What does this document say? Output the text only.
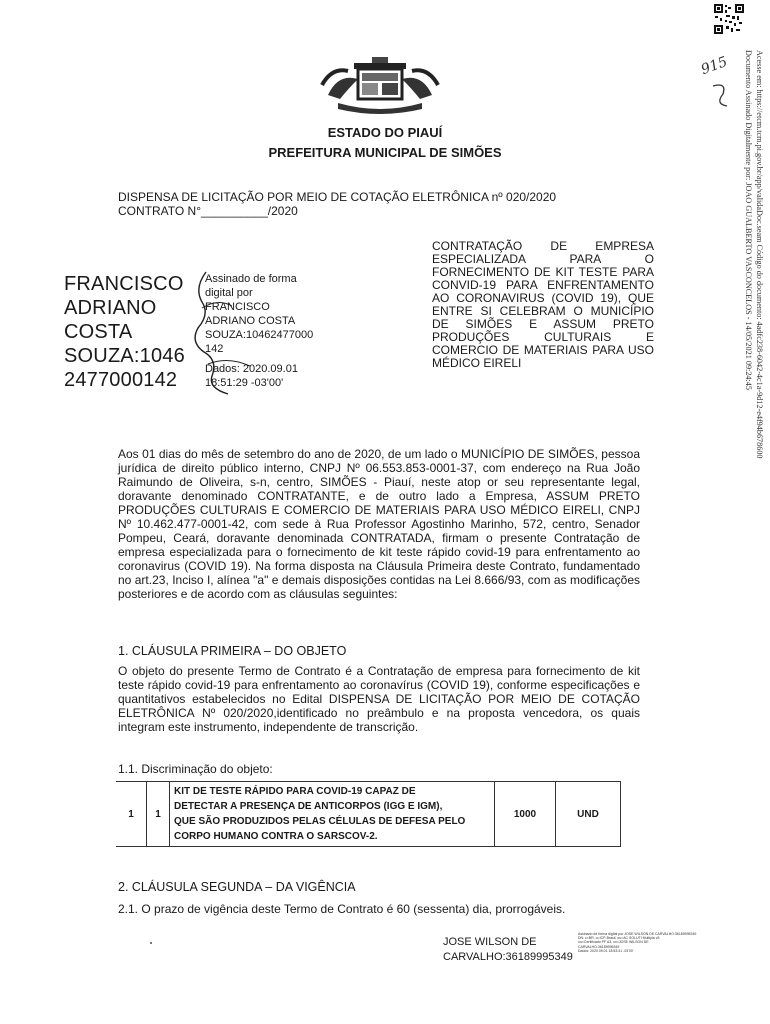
ESTADO DO PIAUÍ
PREFEITURA MUNICIPAL DE SIMÕES
DISPENSA DE LICITAÇÃO POR MEIO DE COTAÇÃO ELETRÔNICA nº 020/2020
CONTRATO N°__________/2020
FRANCISCO
ADRIANO
COSTA
SOUZA:1046
2477000142
Assinado de forma
digital por
FRANCISCO
ADRIANO COSTA
SOUZA:10462477000
142
Dados: 2020.09.01
18:51:29 -03'00'
CONTRATAÇÃO DE EMPRESA ESPECIALIZADA PARA O FORNECIMENTO DE KIT TESTE PARA CONVID-19 PARA ENFRENTAMENTO AO CORONAVIRUS (COVID 19), QUE ENTRE SI CELEBRAM O MUNICÍPIO DE SIMÕES E ASSUM PRETO PRODUÇÕES CULTURAIS E COMERCIO DE MATERIAIS PARA USO MÉDICO EIRELI
Aos 01 dias do mês de setembro do ano de 2020, de um lado o MUNICÍPIO DE SIMÕES, pessoa jurídica de direito público interno, CNPJ Nº 06.553.853-0001-37, com endereço na Rua João Raimundo de Oliveira, s-n, centro, SIMÕES - Piauí, neste atop or seu representante legal, doravante denominado CONTRATANTE, e de outro lado a Empresa, ASSUM PRETO PRODUÇÕES CULTURAIS E COMERCIO DE MATERIAIS PARA USO MÉDICO EIRELI, CNPJ Nº 10.462.477-0001-42, com sede à Rua Professor Agostinho Marinho, 572, centro, Senador Pompeu, Ceará, doravante denominada CONTRATADA, firmam o presente Contratação de empresa especializada para o fornecimento de kit teste rápido covid-19 para enfrentamento ao coronavirus (COVID 19). Na forma disposta na Cláusula Primeira deste Contrato, fundamentado no art.23, Inciso I, alínea "a" e demais disposições contidas na Lei 8.666/93, com as modificações posteriores e de acordo com as cláusulas seguintes:
1. CLÁUSULA PRIMEIRA – DO OBJETO
O objeto do presente Termo de Contrato é a Contratação de empresa para fornecimento de kit teste rápido covid-19 para enfrentamento ao coronavírus (COVID 19), conforme especificações e quantitativos estabelecidos no Edital DISPENSA DE LICITAÇÃO POR MEIO DE COTAÇÃO ELETRÔNICA Nº 020/2020,identificado no preâmbulo e na proposta vencedora, os quais integram este instrumento, independente de transcrição.
1.1. Discriminação do objeto:
1	1	
KIT DE TESTE RÁPIDO PARA COVID-19 CAPAZ DE
DETECTAR A PRESENÇA DE ANTICORPOS (IGG E IGM),
QUE SÃO PRODUZIDOS PELAS CÉLULAS DE DEFESA PELO
CORPO HUMANO CONTRA O SARSCOV-2.
	1000	UND
2. CLÁUSULA SEGUNDA – DA VIGÊNCIA
2.1. O prazo de vigência deste Termo de Contrato é 60 (sessenta) dia, prorrogáveis.
JOSE WILSON DE
CARVALHO:36189995349
Assinado de forma digital por JOSE WILSON DE CARVALHO:36189995349
DN: c=BR, o=ICP-Brasil, ou=AC SOLUTI Multipla v5
ou=Certificado PF A3, cn=JOSE WILSON DE
CARVALHO:36189995349
Dados: 2020.09.01 18:53:41 -03'00'
915 Documento Assinado Digitalmente por: JOAO GUALBERTO VASCONCELOS - 14/05/2021 09:24:45 Acesse em: https://etcm.tcm.pi.gov.br/app/validaDoc.seam Código do documento: 4adfc238-6042-4c1a-9d12-e4f94b678600
